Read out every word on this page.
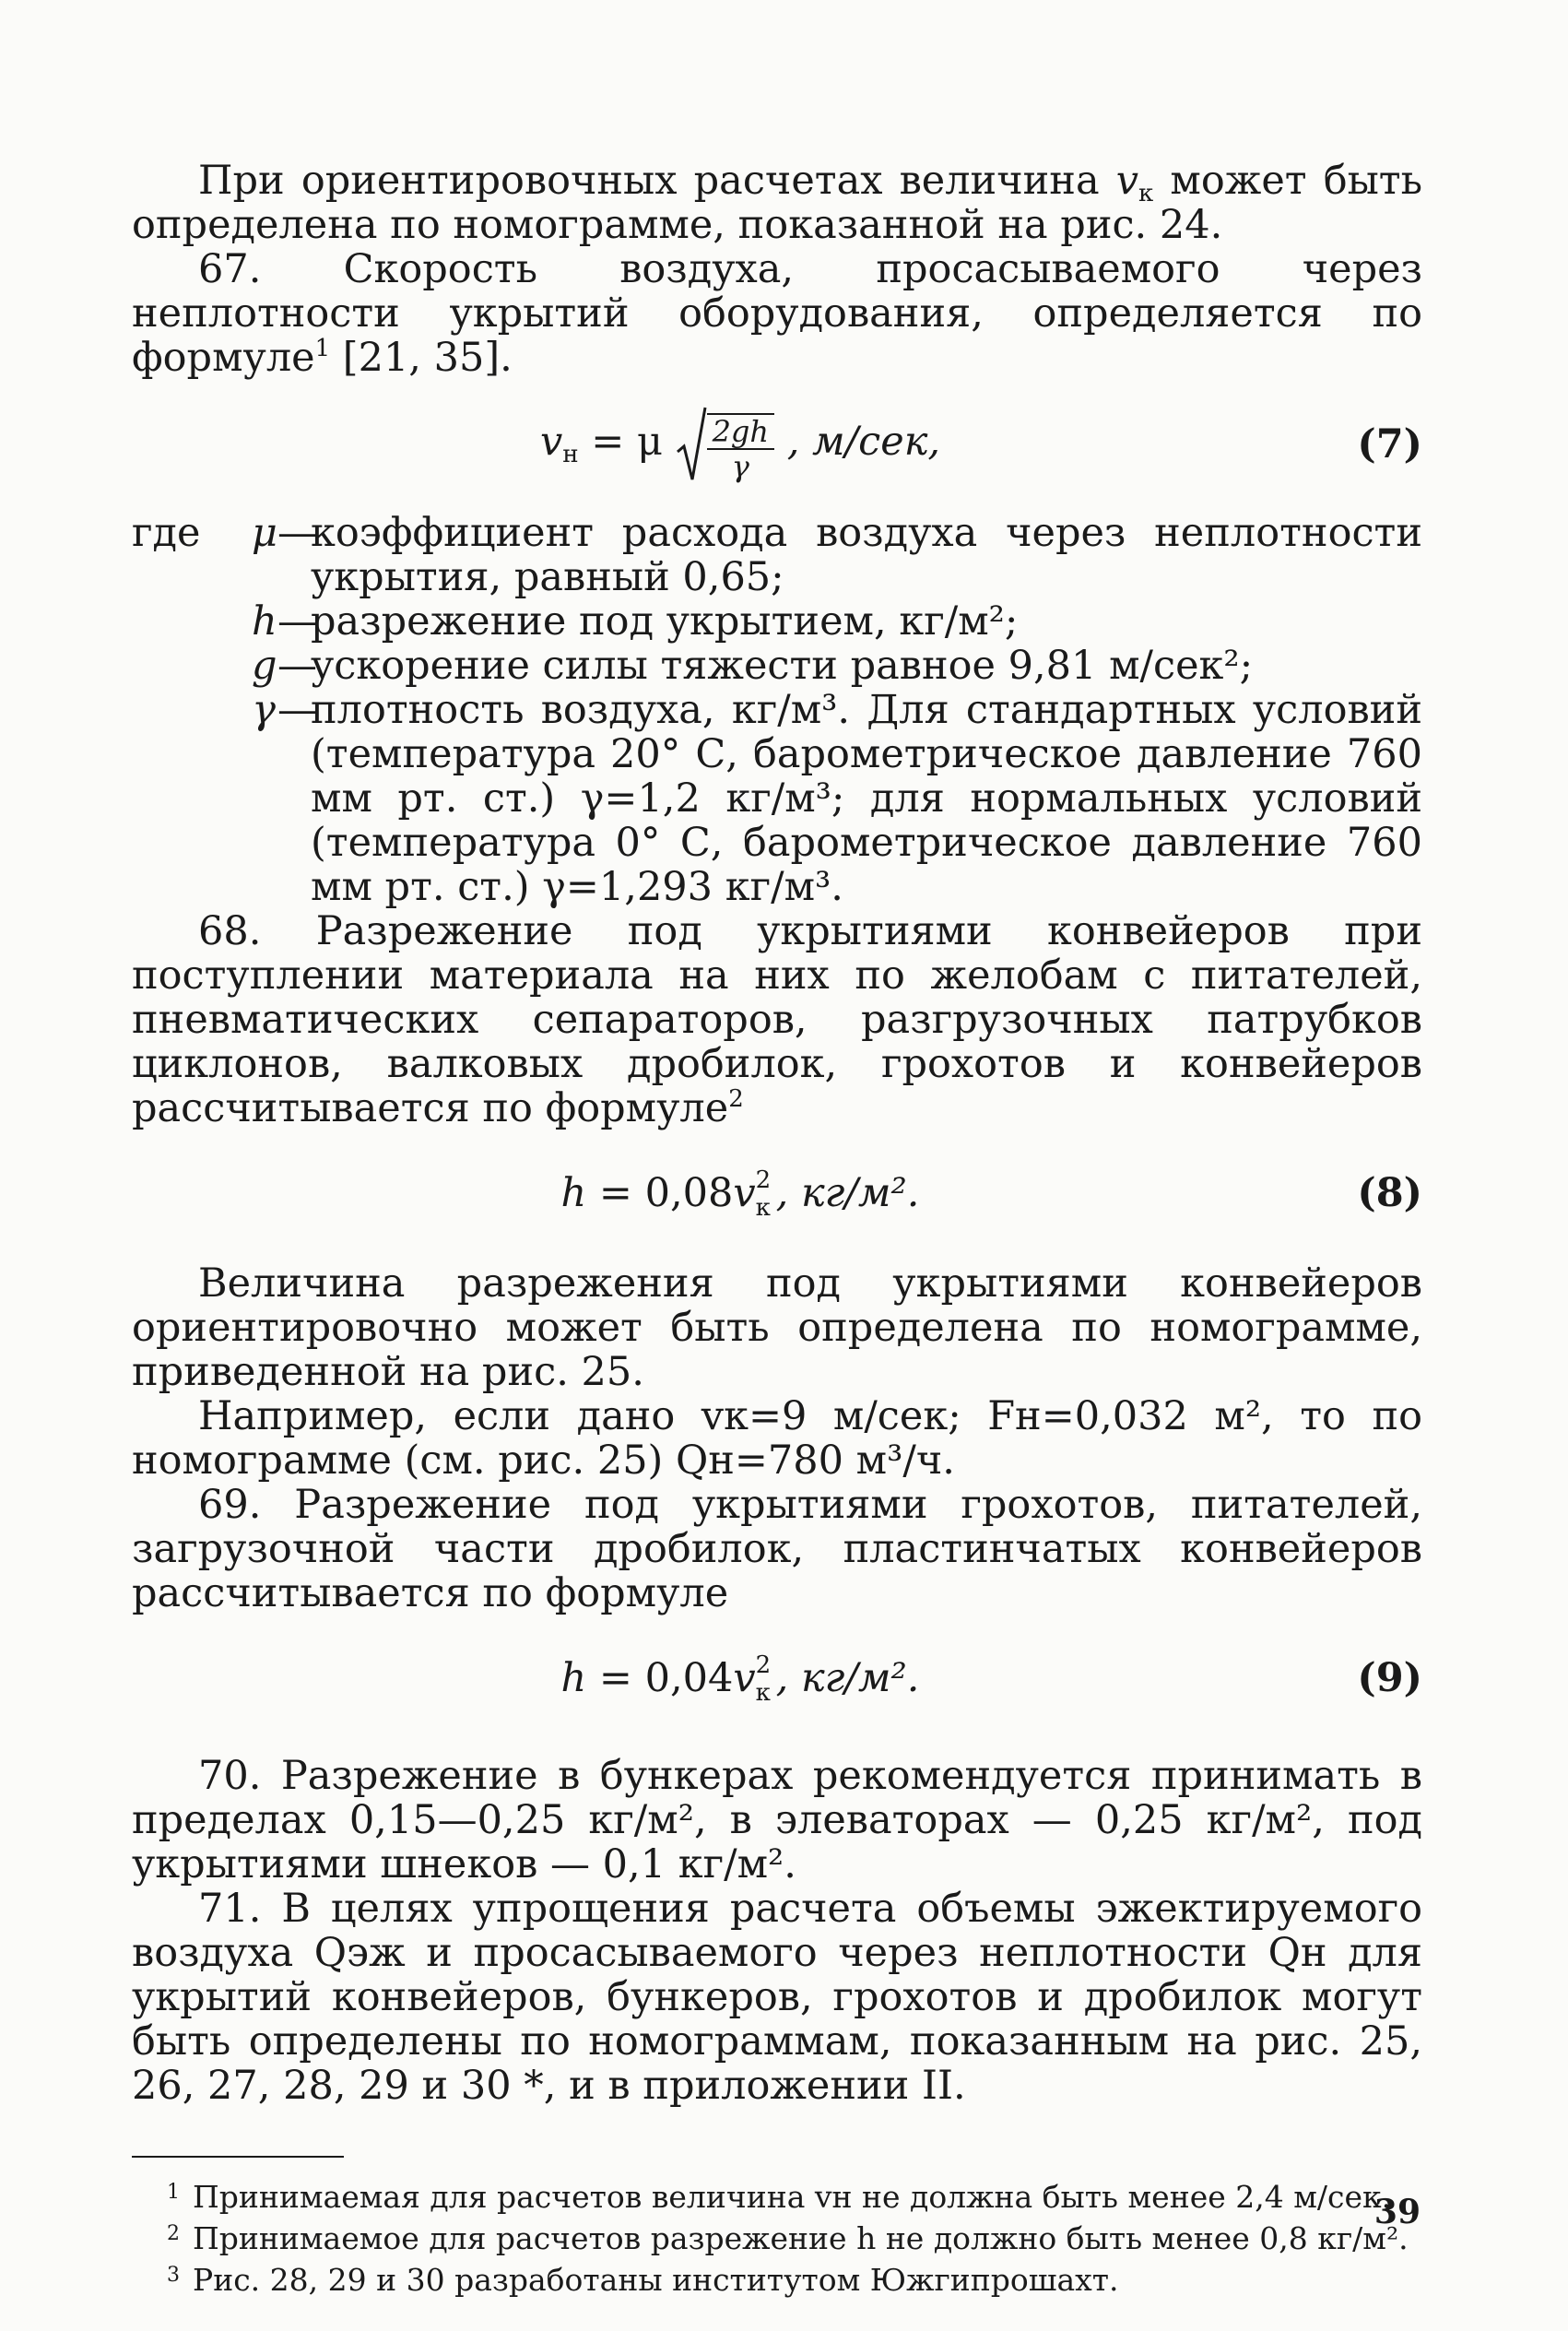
При ориентировочных расчетах величина $v_к$ может быть определена по номограмме, показанной на рис. 24.

67. Скорость воздуха, просасываемого через неплотности укрытий оборудования, определяется по формуле$^1$ [21, 35].

$v_н = \mu \frac{2gh}{\gamma}$ , м/сек,	(7)
где	μ —
коэффициент расхода воздуха через неплотности укрытия, равный 0,65;
h —
разрежение под укрытием, кг/м²;
g —
ускорение силы тяжести равное 9,81 м/сек²;
γ —
плотность воздуха, кг/м³. Для стандартных условий (температура 20° С, барометрическое давление 760 мм рт. ст.) γ=1,2 кг/м³; для нормальных условий (температура 0° С, барометрическое давление 760 мм рт. ст.) γ=1,293 кг/м³.

68. Разрежение под укрытиями конвейеров при поступлении материала на них по желобам с питателей, пневматических сепараторов, разгрузочных патрубков циклонов, валковых дробилок, грохотов и конвейеров рассчитывается по формуле$^2$

h = 0,08v 2
к , кг/м².	(8)

Величина разрежения под укрытиями конвейеров ориентировочно может быть определена по номограмме, приведенной на рис. 25.

Например, если дано vк=9 м/сек; Fн=0,032 м², то по номограмме (см. рис. 25) Qн=780 м³/ч.

69. Разрежение под укрытиями грохотов, питателей, загрузочной части дробилок, пластинчатых конвейеров рассчитывается по формуле

h = 0,04v 2
к , кг/м².	(9)

70. Разрежение в бункерах рекомендуется принимать в пределах 0,15—0,25 кг/м², в элеваторах — 0,25 кг/м², под укрытиями шнеков — 0,1 кг/м².

71. В целях упрощения расчета объемы эжектируемого воздуха Qэж и просасываемого через неплотности Qн для укрытий конвейеров, бункеров, грохотов и дробилок могут быть определены по номограммам, показанным на рис. 25, 26, 27, 28, 29 и 30 *, и в приложении II.

1 Принимаемая для расчетов величина vн не должна быть менее 2,4 м/сек.
2 Принимаемое для расчетов разрежение h не должно быть менее 0,8 кг/м².
3 Рис. 28, 29 и 30 разработаны институтом Южгипрошахт.
39
